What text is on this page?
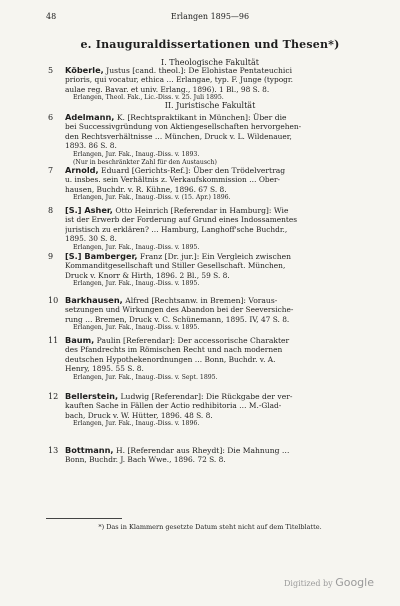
48	Erlangen 1895—96
e. Inauguraldissertationen und Thesen*)
I. Theologische Fakultät
II. Juristische Fakultät
5	Köberle, Justus [cand. theol.]: De Elohistae Pentateuchici
prioris, qui vocatur, ethica … Erlangae, typ. F. Junge (typogr.
aulae reg. Bavar. et univ. Erlang., 1896). 1 Bl., 98 S. 8.
Erlangen, Theol. Fak., Lic.-Diss. v. 25. Juli 1895.
6	Adelmann, K. [Rechtspraktikant in München]: Über die
bei Successivgründung von Aktiengesellschaften hervorgehen-
den Rechtsverhältnisse … München, Druck v. L. Wildenauer,
1893. 86 S. 8.
Erlangen, Jur. Fak., Inaug.-Diss. v. 1893.
(Nur in beschränkter Zahl für den Austausch)
7	Arnold, Eduard [Gerichts-Ref.]: Über den Trödelvertrag
u. insbes. sein Verhältnis z. Verkaufskommission … Ober-
hausen, Buchdr. v. R. Kühne, 1896. 67 S. 8.
Erlangen, Jur. Fak., Inaug.-Diss. v. (15. Apr.) 1896.
8	[S.] Asher, Otto Heinrich [Referendar in Hamburg]: Wie
ist der Erwerb der Forderung auf Grund eines Indossamentes
juristisch zu erklären? … Hamburg, Langhoff'sche Buchdr.,
1895. 30 S. 8.
Erlangen, Jur. Fak., Inaug.-Diss. v. 1895.
9	[S.] Bamberger, Franz [Dr. jur.]: Ein Vergleich zwischen
Kommanditgesellschaft und Stiller Gesellschaft. München,
Druck v. Knorr & Hirth, 1896. 2 Bl., 59 S. 8.
Erlangen, Jur. Fak., Inaug.-Diss. v. 1895.
10 Barkhausen, Alfred [Rechtsanw. in Bremen]: Voraus-
setzungen und Wirkungen des Abandon bei der Seeversiche-
rung … Bremen, Druck v. C. Schünemann, 1895. IV, 47 S. 8.
Erlangen, Jur. Fak., Inaug.-Diss. v. 1895.
11 Baum, Paulin [Referendar]: Der accessorische Charakter
des Pfandrechts im Römischen Recht und nach modernen
deutschen Hypothekenordnungen … Bonn, Buchdr. v. A.
Henry, 1895. 55 S. 8.
Erlangen, Jur. Fak., Inaug.-Diss. v. Sept. 1895.
12 Bellerstein, Ludwig [Referendar]: Die Rückgabe der ver-
kauften Sache in Fällen der Actio redhibitoria … M.-Glad-
bach, Druck v. W. Hütter, 1896. 48 S. 8.
Erlangen, Jur. Fak., Inaug.-Diss. v. 1896.
13 Bottmann, H. [Referendar aus Rheydt]: Die Mahnung …
Bonn, Buchdr. J. Bach Wwe., 1896. 72 S. 8.
*) Das in Klammern gesetzte Datum steht nicht auf dem Titelblatte.
Digitized by Google
